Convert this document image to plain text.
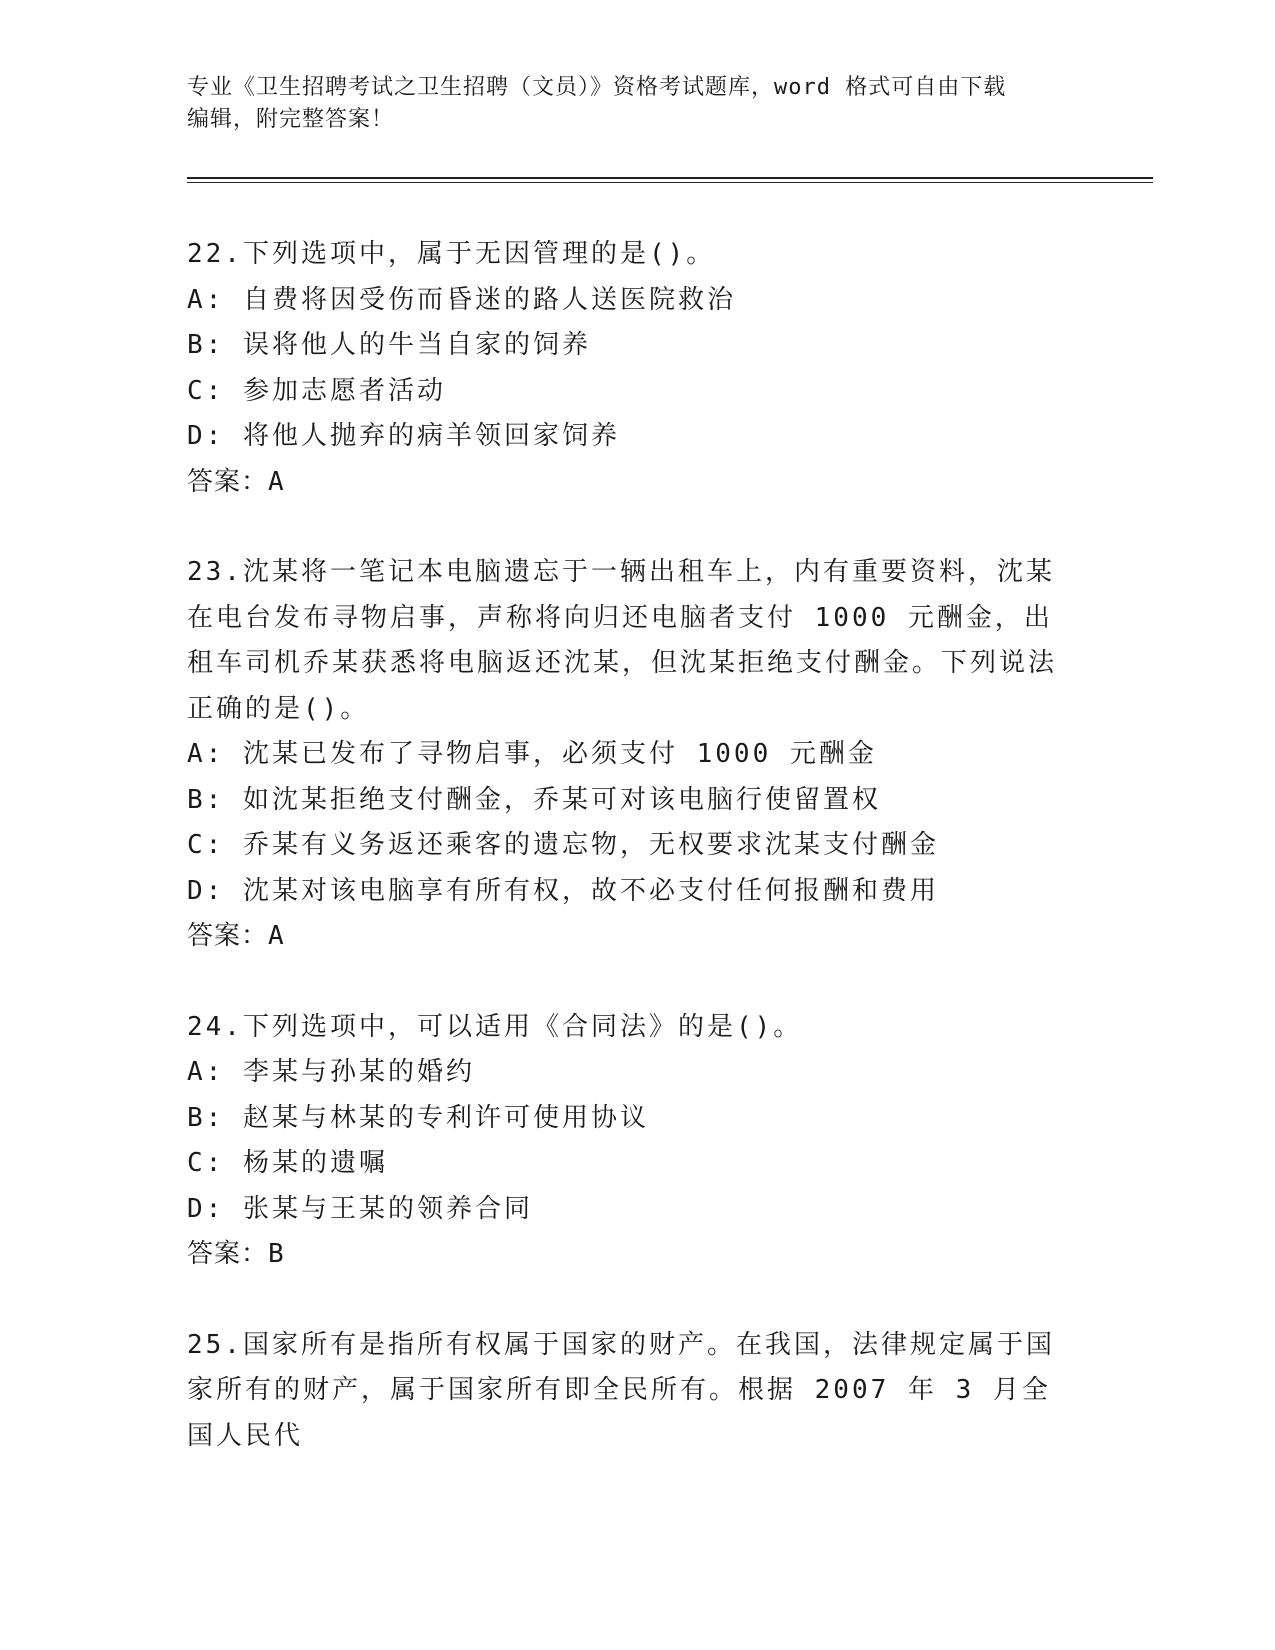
专业《卫生招聘考试之卫生招聘（文员）》资格考试题库，word 格式可自由下载
编辑，附完整答案！
22.下列选项中，属于无因管理的是()。
A: 自费将因受伤而昏迷的路人送医院救治
B: 误将他人的牛当自家的饲养
C: 参加志愿者活动
D: 将他人抛弃的病羊领回家饲养
答案：A
23.沈某将一笔记本电脑遗忘于一辆出租车上，内有重要资料，沈某在电台发布寻物启事，声称将向归还电脑者支付 1000 元酬金，出租车司机乔某获悉将电脑返还沈某，但沈某拒绝支付酬金。下列说法正确的是()。
A: 沈某已发布了寻物启事，必须支付 1000 元酬金
B: 如沈某拒绝支付酬金，乔某可对该电脑行使留置权
C: 乔某有义务返还乘客的遗忘物，无权要求沈某支付酬金
D: 沈某对该电脑享有所有权，故不必支付任何报酬和费用
答案：A
24.下列选项中，可以适用《合同法》的是()。
A: 李某与孙某的婚约
B: 赵某与林某的专利许可使用协议
C: 杨某的遗嘱
D: 张某与王某的领养合同
答案：B
25.国家所有是指所有权属于国家的财产。在我国，法律规定属于国家所有的财产，属于国家所有即全民所有。根据 2007 年 3 月全国人民代
